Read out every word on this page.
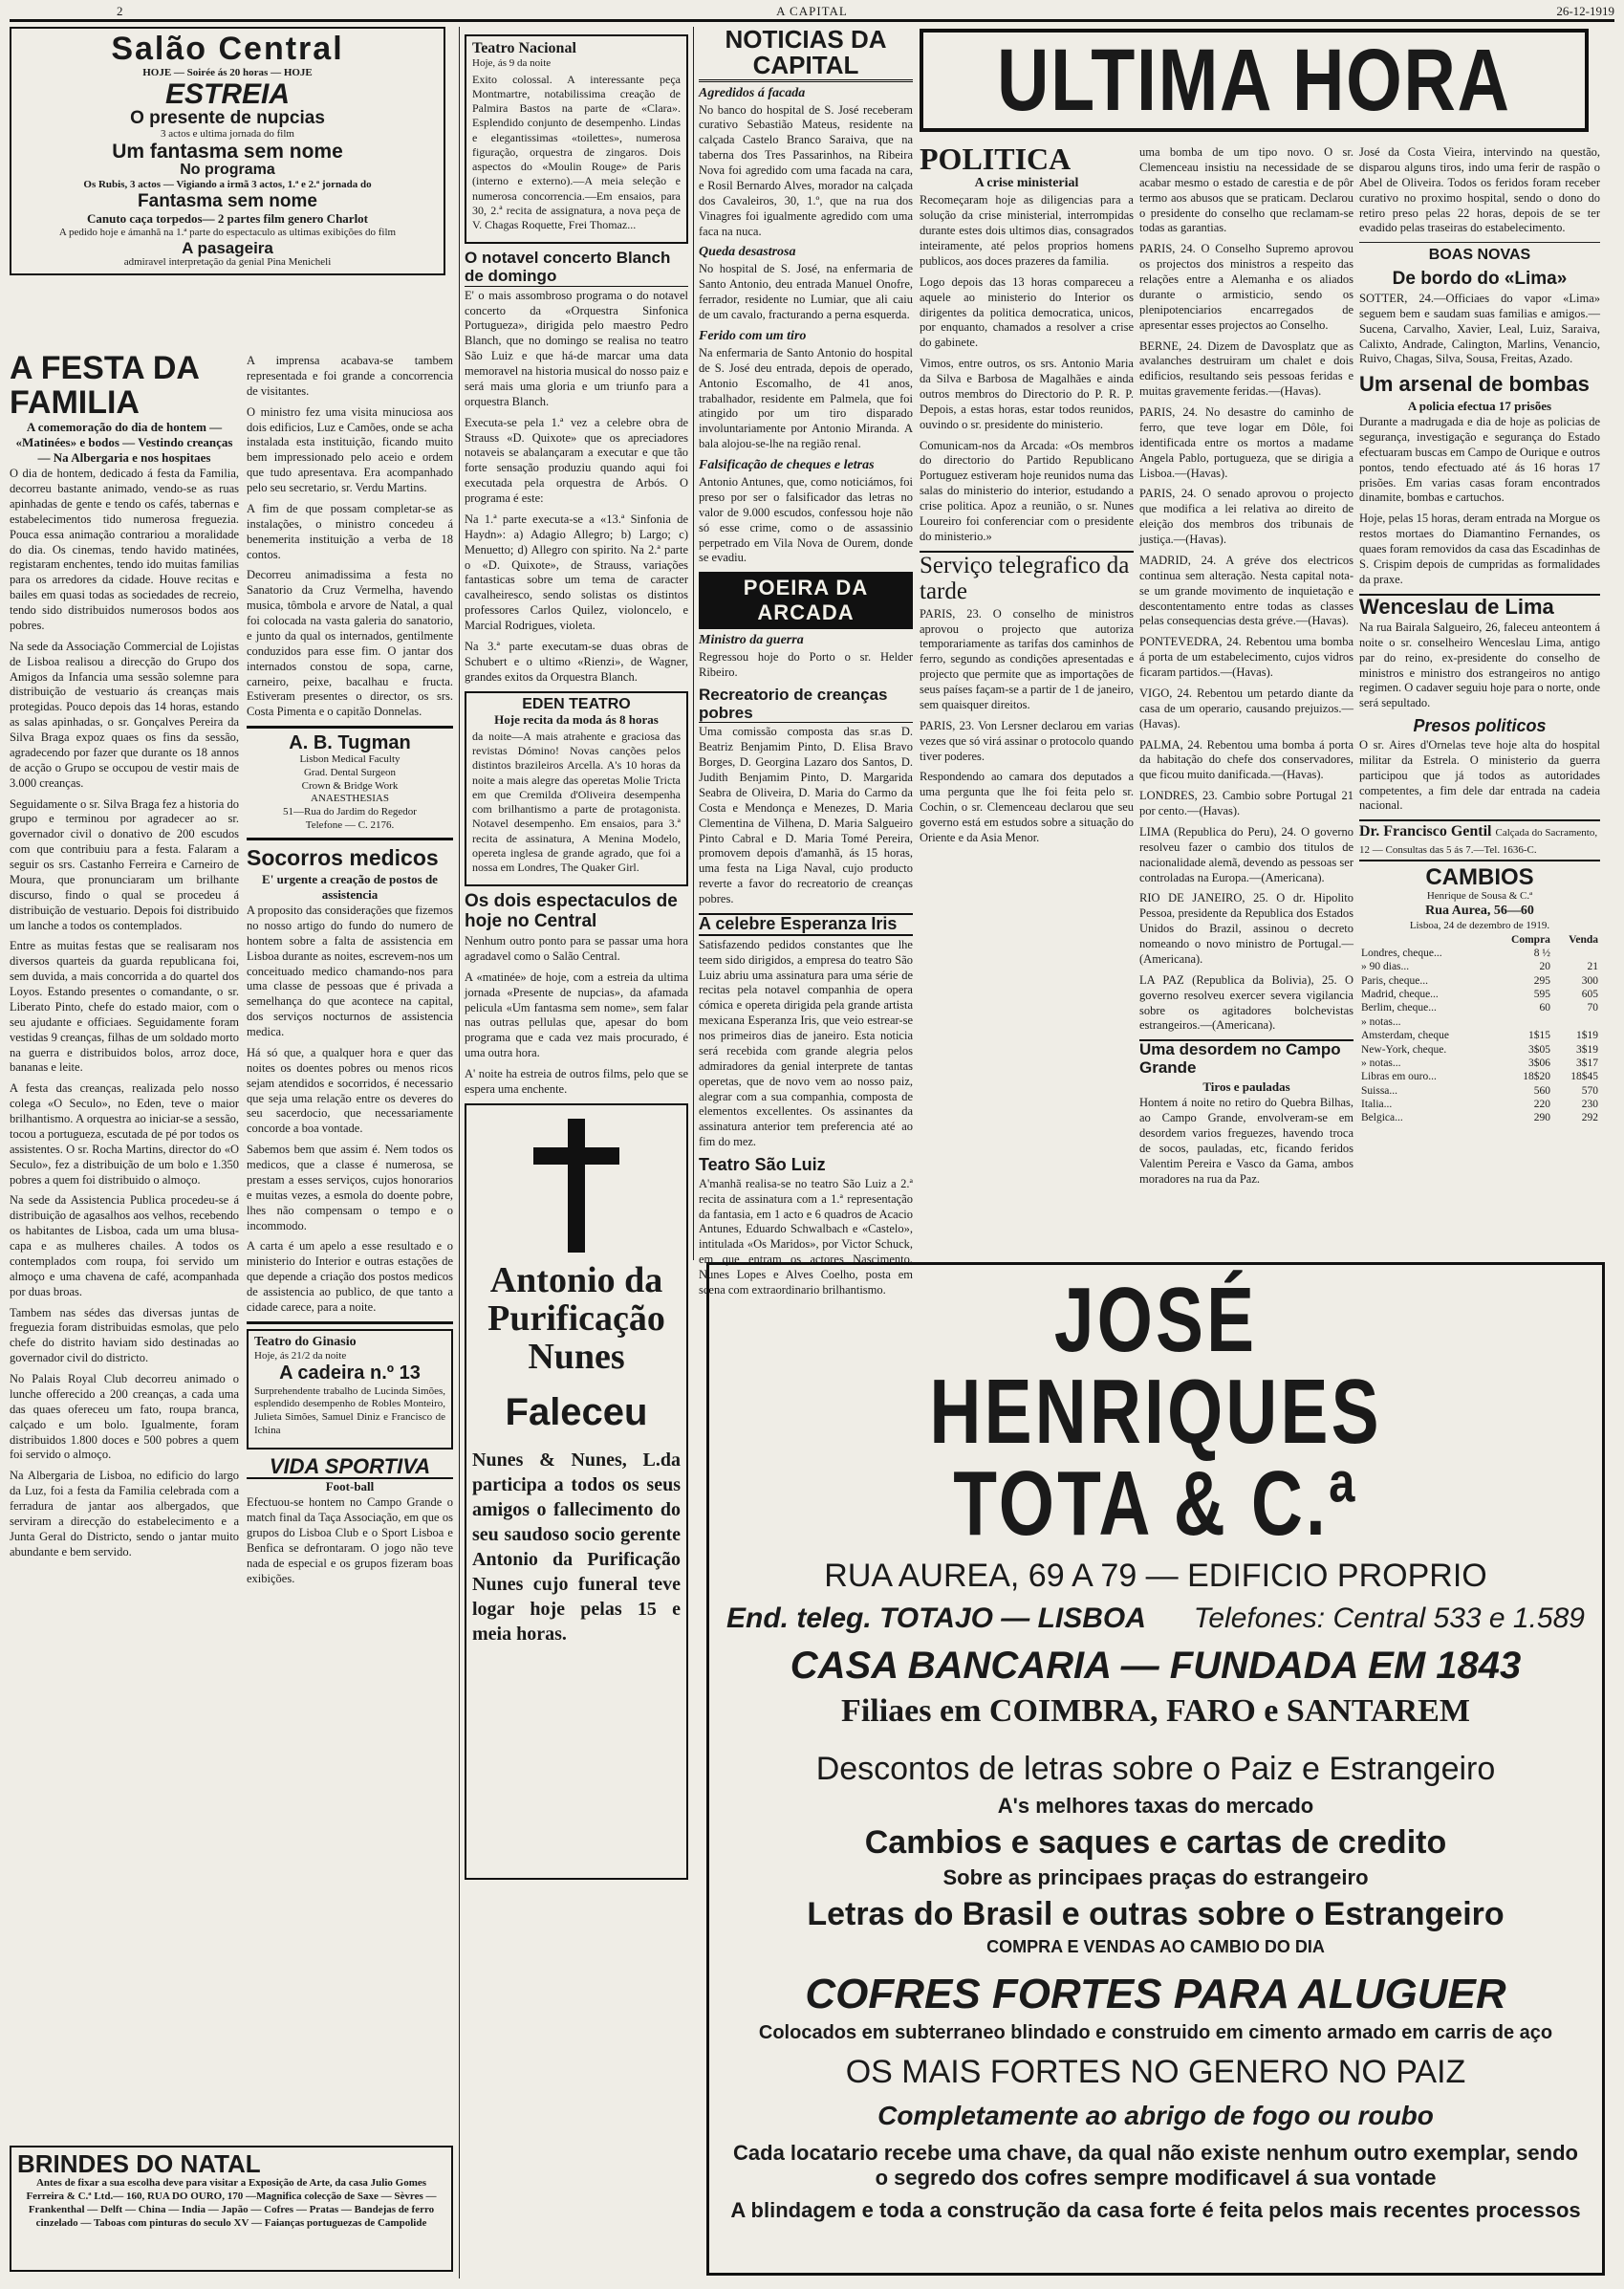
2	A CAPITAL	26-12-1919
Salão Central
HOJE — Soirée ás 20 horas — HOJE
ESTREIA
O presente de nupcias
3 actos e ultima jornada do film
Um fantasma sem nome
No programa
Os Rubis, 3 actos — Vigiando a irmã 3 actos, 1.ª e 2.ª jornada do
Fantasma sem nome
Canuto caça torpedos— 2 partes film genero Charlot
A pedido hoje e ámanhã na 1.ª parte do espectaculo as ultimas exibições do film
A pasageira
admiravel interpretação da genial Pina Menicheli
A FESTA DA FAMILIA
A comemoração do dia de hontem — «Matinées» e bodos — Vestindo creanças — Na Albergaria e nos hospitaes

O dia de hontem, dedicado á festa da Familia, decorreu bastante animado, vendo-se as ruas apinhadas de gente e tendo os cafés, tabernas e estabelecimentos tido numerosa freguezia. Pouca essa animação contrariou a moralidade do dia. Os cinemas, tendo havido matinées, registaram enchentes, tendo ido muitas familias para os arredores da cidade. Houve recitas e bailes em quasi todas as sociedades de recreio, tendo sido distribuidos numerosos bodos aos pobres.

Na sede da Associação Commercial de Lojistas de Lisboa realisou a direcção do Grupo dos Amigos da Infancia uma sessão solemne para distribuição de vestuario ás creanças mais protegidas. Pouco depois das 14 horas, estando as salas apinhadas, o sr. Gonçalves Pereira da Silva Braga expoz quaes os fins da sessão, agradecendo por fazer que durante os 18 annos de acção o Grupo se occupou de vestir mais de 3.000 creanças.

Seguidamente o sr. Silva Braga fez a historia do grupo e terminou por agradecer ao sr. governador civil o donativo de 200 escudos com que contribuiu para a festa. Falaram a seguir os srs. Castanho Ferreira e Carneiro de Moura, que pronunciaram um brilhante discurso, findo o qual se procedeu á distribuição de vestuario. Depois foi distribuido um lanche a todos os contemplados.

Entre as muitas festas que se realisaram nos diversos quarteis da guarda republicana foi, sem duvida, a mais concorrida a do quartel dos Loyos. Estando presentes o comandante, o sr. Liberato Pinto, chefe do estado maior, com o seu ajudante e officiaes. Seguidamente foram vestidas 9 creanças, filhas de um soldado morto na guerra e distribuidos bolos, arroz doce, bananas e leite.

A festa das creanças, realizada pelo nosso colega «O Seculo», no Eden, teve o maior brilhantismo. A orquestra ao iniciar-se a sessão, tocou a portugueza, escutada de pé por todos os assistentes. O sr. Rocha Martins, director do «O Seculo», fez a distribuição de um bolo e 1.350 pobres a quem foi distribuido o almoço.

Na sede da Assistencia Publica procedeu-se á distribuição de agasalhos aos velhos, recebendo os habitantes de Lisboa, cada um uma blusa-capa e as mulheres chailes. A todos os contemplados com roupa, foi servido um almoço e uma chavena de café, acompanhada por duas broas.

Tambem nas sédes das diversas juntas de freguezia foram distribuidas esmolas, que pelo chefe do distrito haviam sido destinadas ao governador civil do districto.

No Palais Royal Club decorreu animado o lunche offerecido a 200 creanças, a cada uma das quaes ofereceu um fato, roupa branca, calçado e um bolo. Igualmente, foram distribuidos 1.800 doces e 500 pobres a quem foi servido o almoço.

Na Albergaria de Lisboa, no edificio do largo da Luz, foi a festa da Familia celebrada com a ferradura de jantar aos albergados, que serviram a direcção do estabelecimento e a Junta Geral do Districto, sendo o jantar muito abundante e bem servido.

BRINDES DO NATAL
Antes de fixar a sua escolha deve para visitar a Exposição de Arte, da casa Julio Gomes Ferreira & C.ª Ltd.— 160, RUA DO OURO, 170 —Magnifica colecção de Saxe — Sèvres — Frankenthal — Delft — China — India — Japão — Cofres — Pratas — Bandejas de ferro cinzelado — Taboas com pinturas do seculo XV — Faianças portuguezas de Campolide

A imprensa acabava-se tambem representada e foi grande a concorrencia de visitantes.

O ministro fez uma visita minuciosa aos dois edificios, Luz e Camões, onde se acha instalada esta instituição, ficando muito bem impressionado pelo aceio e ordem que tudo apresentava. Era acompanhado pelo seu secretario, sr. Verdu Martins.

A fim de que possam completar-se as instalações, o ministro concedeu á benemerita instituição a verba de 18 contos.

Decorreu animadissima a festa no Sanatorio da Cruz Vermelha, havendo musica, tômbola e arvore de Natal, a qual foi colocada na vasta galeria do sanatorio, e junto da qual os internados, gentilmente conduzidos para esse fim. O jantar dos internados constou de sopa, carne, carneiro, peixe, bacalhau e fructa. Estiveram presentes o director, os srs. Costa Pimenta e o capitão Donnelas.

A. B. Tugman
Lisbon Medical Faculty
Grad. Dental Surgeon
Crown & Bridge Work
ANAESTHESIAS
51—Rua do Jardim do Regedor
Telefone — C. 2176.
Socorros medicos
E' urgente a creação de postos de assistencia

A proposito das considerações que fizemos no nosso artigo do fundo do numero de hontem sobre a falta de assistencia em Lisboa durante as noites, escrevem-nos um conceituado medico chamando-nos para uma classe de pessoas que é privada a semelhança do que acontece na capital, dos serviços nocturnos de assistencia medica.

Há só que, a qualquer hora e quer das noites os doentes pobres ou menos ricos sejam atendidos e socorridos, é necessario que seja uma relação entre os deveres do seu sacerdocio, que necessariamente concorde a boa vontade.

Sabemos bem que assim é. Nem todos os medicos, que a classe é numerosa, se prestam a esses serviços, cujos honorarios e muitas vezes, a esmola do doente pobre, lhes não compensam o tempo e o incommodo.

A carta é um apelo a esse resultado e o ministerio do Interior e outras estações de que depende a criação dos postos medicos de assistencia ao publico, de que tanto a cidade carece, para a noite.

Teatro do Ginasio
Hoje, ás 21/2 da noite
A cadeira n.º 13
Surprehendente trabalho de Lucinda Simões, esplendido desempenho de Robles Monteiro, Julieta Simões, Samuel Diniz e Francisco de Ichina
VIDA SPORTIVA
Foot-ball

Efectuou-se hontem no Campo Grande o match final da Taça Associação, em que os grupos do Lisboa Club e o Sport Lisboa e Benfica se defrontaram. O jogo não teve nada de especial e os grupos fizeram boas exibições.

Teatro Nacional
Hoje, ás 9 da noite
Exito colossal. A interessante peça Montmartre, notabilissima creação de Palmira Bastos na parte de «Clara». Esplendido conjunto de desempenho. Lindas e elegantissimas «toilettes», numerosa figuração, orquestra de zingaros. Dois aspectos do «Moulin Rouge» de Paris (interno e externo).—A meia seleção e numerosa concorrencia.—Em ensaios, para 30, 2.ª recita de assignatura, a nova peça de V. Chagas Roquette, Frei Thomaz...
O notavel concerto Blanch de domingo

E' o mais assombroso programa o do notavel concerto da «Orquestra Sinfonica Portugueza», dirigida pelo maestro Pedro Blanch, que no domingo se realisa no teatro São Luiz e que há-de marcar uma data memoravel na historia musical do nosso paiz e será mais uma gloria e um triunfo para a orquestra Blanch.

Executa-se pela 1.ª vez a celebre obra de Strauss «D. Quixote» que os apreciadores notaveis se abalançaram a executar e que tão forte sensação produziu quando aqui foi executada pela orquestra de Arbós. O programa é este:

Na 1.ª parte executa-se a «13.ª Sinfonia de Haydn»: a) Adagio Allegro; b) Largo; c) Menuetto; d) Allegro con spirito. Na 2.ª parte o «D. Quixote», de Strauss, variações fantasticas sobre um tema de caracter cavalheiresco, sendo solistas os distintos professores Carlos Quilez, violoncelo, e Marcial Rodrigues, violeta.

Na 3.ª parte executam-se duas obras de Schubert e o ultimo «Rienzi», de Wagner, grandes exitos da Orquestra Blanch.

EDEN TEATRO
Hoje recita da moda ás 8 horas
da noite—A mais atrahente e graciosa das revistas Dómino! Novas canções pelos distintos brazileiros Arcella. A's 10 horas da noite a mais alegre das operetas Molie Tricta em que Cremilda d'Oliveira desempenha com brilhantismo a parte de protagonista. Notavel desempenho. Em ensaios, para 3.ª recita de assinatura, A Menina Modelo, opereta inglesa de grande agrado, que foi a nossa em Londres, The Quaker Girl.
Os dois espectaculos de hoje no Central

Nenhum outro ponto para se passar uma hora agradavel como o Salão Central.

A «matinée» de hoje, com a estreia da ultima jornada «Presente de nupcias», da afamada pelicula «Um fantasma sem nome», sem falar nas outras pellulas que, apesar do bom programa que e cada vez mais procurado, é uma outra hora.

A' noite ha estreia de outros films, pelo que se espera uma enchente.

Antonio da Purificação Nunes
Faleceu
Nunes & Nunes, L.da participa a todos os seus amigos o fallecimento do seu saudoso socio gerente Antonio da Purificação Nunes cujo funeral teve logar hoje pelas 15 e meia horas.
NOTICIAS DA CAPITAL
Agredidos á facada

No banco do hospital de S. José receberam curativo Sebastião Mateus, residente na calçada Castelo Branco Saraiva, que na taberna dos Tres Passarinhos, na Ribeira Nova foi agredido com uma facada na cara, e Rosil Bernardo Alves, morador na calçada dos Cavaleiros, 30, 1.º, que na rua dos Vinagres foi igualmente agredido com uma faca na nuca.

Queda desastrosa

No hospital de S. José, na enfermaria de Santo Antonio, deu entrada Manuel Onofre, ferrador, residente no Lumiar, que ali caiu de um cavalo, fracturando a perna esquerda.

Ferido com um tiro

Na enfermaria de Santo Antonio do hospital de S. José deu entrada, depois de operado, Antonio Escomalho, de 41 anos, trabalhador, residente em Palmela, que foi atingido por um tiro disparado involuntariamente por Antonio Miranda. A bala alojou-se-lhe na região renal.

Falsificação de cheques e letras

Antonio Antunes, que, como noticiámos, foi preso por ser o falsificador das letras no valor de 9.000 escudos, confessou hoje não só esse crime, como o de assassinio perpetrado em Vila Nova de Ourem, donde se evadiu.

POEIRA DA ARCADA
Ministro da guerra

Regressou hoje do Porto o sr. Helder Ribeiro.

Recreatorio de creanças pobres

Uma comissão composta das sr.as D. Beatriz Benjamim Pinto, D. Elisa Bravo Borges, D. Georgina Lazaro dos Santos, D. Judith Benjamim Pinto, D. Margarida Seabra de Oliveira, D. Maria do Carmo da Costa e Mendonça e Menezes, D. Maria Clementina de Vilhena, D. Maria Salgueiro Pinto Cabral e D. Maria Tomé Pereira, promovem depois d'amanhã, ás 15 horas, uma festa na Liga Naval, cujo producto reverte a favor do recreatorio de creanças pobres.

A celebre Esperanza Iris

Satisfazendo pedidos constantes que lhe teem sido dirigidos, a empresa do teatro São Luiz abriu uma assinatura para uma série de recitas pela notavel companhia de opera cómica e opereta dirigida pela grande artista mexicana Esperanza Iris, que veio estrear-se nos primeiros dias de janeiro. Esta noticia será recebida com grande alegria pelos admiradores da genial interprete de tantas operetas, que de novo vem ao nosso paiz, alegrar com a sua companhia, composta de elementos excellentes. Os assinantes da assinatura anterior tem preferencia até ao fim do mez.

Teatro São Luiz

A'manhã realisa-se no teatro São Luiz a 2.ª recita de assinatura com a 1.ª representação da fantasia, em 1 acto e 6 quadros de Acacio Antunes, Eduardo Schwalbach e «Castelo», intitulada «Os Maridos», por Victor Schuck, em que entram os actores Nascimento, Nunes Lopes e Alves Coelho, posta em scena com extraordinario brilhantismo.

ULTIMA HORA
POLITICA
A crise ministerial

Recomeçaram hoje as diligencias para a solução da crise ministerial, interrompidas durante estes dois ultimos dias, consagrados inteiramente, até pelos proprios homens publicos, aos doces prazeres da familia.

Logo depois das 13 horas compareceu a aquele ao ministerio do Interior os dirigentes da politica democratica, unicos, por enquanto, chamados a resolver a crise do gabinete.

Vimos, entre outros, os srs. Antonio Maria da Silva e Barbosa de Magalhães e ainda outros membros do Directorio do P. R. P. Depois, a estas horas, estar todos reunidos, ouvindo o sr. presidente do ministerio.

Comunicam-nos da Arcada: «Os membros do directorio do Partido Republicano Portuguez estiveram hoje reunidos numa das salas do ministerio do interior, estudando a crise politica. Apoz a reunião, o sr. Nunes Loureiro foi conferenciar com o presidente do ministerio.»

Serviço telegrafico da tarde

PARIS, 23. O conselho de ministros aprovou o projecto que autoriza temporariamente as tarifas dos caminhos de ferro, segundo as condições apresentadas e projecto que permite que as importações de seus países façam-se a partir de 1 de janeiro, sem quaisquer direitos.

PARIS, 23. Von Lersner declarou em varias vezes que só virá assinar o protocolo quando tiver poderes.

Respondendo ao camara dos deputados a uma pergunta que lhe foi feita pelo sr. Cochin, o sr. Clemenceau declarou que seu governo está em estudos sobre a situação do Oriente e da Asia Menor.

uma bomba de um tipo novo. O sr. Clemenceau insistiu na necessidade de se acabar mesmo o estado de carestia e de pôr termo aos abusos que se praticam. Declarou o presidente do conselho que reclamam-se todas as garantias.

PARIS, 24. O Conselho Supremo aprovou os projectos dos ministros a respeito das relações entre a Alemanha e os aliados durante o armisticio, sendo os plenipotenciarios encarregados de apresentar esses projectos ao Conselho.

BERNE, 24. Dizem de Davosplatz que as avalanches destruiram um chalet e dois edificios, resultando seis pessoas feridas e muitas gravemente feridas.—(Havas).

PARIS, 24. No desastre do caminho de ferro, que teve logar em Dôle, foi identificada entre os mortos a madame Angela Pablo, portugueza, que se dirigia a Lisboa.—(Havas).

PARIS, 24. O senado aprovou o projecto que modifica a lei relativa ao direito de eleição dos membros dos tribunais de justiça.—(Havas).

MADRID, 24. A gréve dos electricos continua sem alteração. Nesta capital nota-se um grande movimento de inquietação e descontentamento entre todas as classes pelas consequencias desta gréve.—(Havas).

PONTEVEDRA, 24. Rebentou uma bomba á porta de um estabelecimento, cujos vidros ficaram partidos.—(Havas).

VIGO, 24. Rebentou um petardo diante da casa de um operario, causando prejuizos.—(Havas).

PALMA, 24. Rebentou uma bomba á porta da habitação do chefe dos conservadores, que ficou muito danificada.—(Havas).

LONDRES, 23. Cambio sobre Portugal 21 por cento.—(Havas).

LIMA (Republica do Peru), 24. O governo resolveu fazer o cambio dos titulos de nacionalidade alemã, devendo as pessoas ser controladas na Europa.—(Americana).

RIO DE JANEIRO, 25. O dr. Hipolito Pessoa, presidente da Republica dos Estados Unidos do Brazil, assinou o decreto nomeando o novo ministro de Portugal.—(Americana).

LA PAZ (Republica da Bolivia), 25. O governo resolveu exercer severa vigilancia sobre os agitadores bolchevistas estrangeiros.—(Americana).

Uma desordem no Campo Grande
Tiros e pauladas

Hontem á noite no retiro do Quebra Bilhas, ao Campo Grande, envolveram-se em desordem varios freguezes, havendo troca de socos, pauladas, etc, ficando feridos Valentim Pereira e Vasco da Gama, ambos moradores na rua da Paz.

José da Costa Vieira, intervindo na questão, disparou alguns tiros, indo uma ferir de raspão o Abel de Oliveira. Todos os feridos foram receber curativo no proximo hospital, sendo o dono do retiro preso pelas 22 horas, depois de se ter evadido pelas traseiras do estabelecimento.

BOAS NOVAS
De bordo do «Lima»

SOTTER, 24.—Officiaes do vapor «Lima» seguem bem e saudam suas familias e amigos.—Sucena, Carvalho, Xavier, Leal, Luiz, Saraiva, Calixto, Andrade, Calington, Marlins, Venancio, Ruivo, Chagas, Silva, Sousa, Freitas, Azado.

Um arsenal de bombas
A policia efectua 17 prisões

Durante a madrugada e dia de hoje as policias de segurança, investigação e segurança do Estado efectuaram buscas em Campo de Ourique e outros pontos, tendo efectuado até ás 16 horas 17 prisões. Em varias casas foram encontrados dinamite, bombas e cartuchos.

Hoje, pelas 15 horas, deram entrada na Morgue os restos mortaes do Diamantino Fernandes, os quaes foram removidos da casa das Escadinhas de S. Crispim depois de cumpridas as formalidades da praxe.

Wenceslau de Lima

Na rua Bairala Salgueiro, 26, faleceu anteontem á noite o sr. conselheiro Wenceslau Lima, antigo par do reino, ex-presidente do conselho de ministros e ministro dos estrangeiros no antigo regimen. O cadaver seguiu hoje para o norte, onde será sepultado.

Presos politicos

O sr. Aires d'Ornelas teve hoje alta do hospital militar da Estrela. O ministerio da guerra participou que já todos as autoridades competentes, a fim dele dar entrada na cadeia nacional.

Dr. Francisco Gentil Calçada do Sacramento, 12 — Consultas das 5 ás 7.—Tel. 1636-C.
CAMBIOS
Henrique de Sousa & C.ª
Rua Aurea, 56—60
Lisboa, 24 de dezembro de 1919.
	Compra	Venda
Londres, cheque...	8 ½	
» 90 dias...	20	21
Paris, cheque...	295	300
Madrid, cheque...	595	605
Berlim, cheque...	60	70
» notas...		
Amsterdam, cheque	1$15	1$19
New-York, cheque.	3$05	3$19
» notas...	3$06	3$17
Libras em ouro...	18$20	18$45
Suissa...	560	570
Italia...	220	230
Belgica...	290	292
JOSÉ HENRIQUES TOTA & C.ª
RUA AUREA, 69 A 79 — EDIFICIO PROPRIO
End. teleg. TOTAJO — LISBOA Telefones: Central 533 e 1.589
CASA BANCARIA — FUNDADA EM 1843
Filiaes em COIMBRA, FARO e SANTAREM
Descontos de letras sobre o Paiz e Estrangeiro
A's melhores taxas do mercado
Cambios e saques e cartas de credito
Sobre as principaes praças do estrangeiro
Letras do Brasil e outras sobre o Estrangeiro
COMPRA E VENDAS AO CAMBIO DO DIA
COFRES FORTES PARA ALUGUER
Colocados em subterraneo blindado e construido em cimento armado em carris de aço
OS MAIS FORTES NO GENERO NO PAIZ
Completamente ao abrigo de fogo ou roubo
Cada locatario recebe uma chave, da qual não existe nenhum outro exemplar, sendo o segredo dos cofres sempre modificavel á sua vontade
A blindagem e toda a construção da casa forte é feita pelos mais recentes processos
